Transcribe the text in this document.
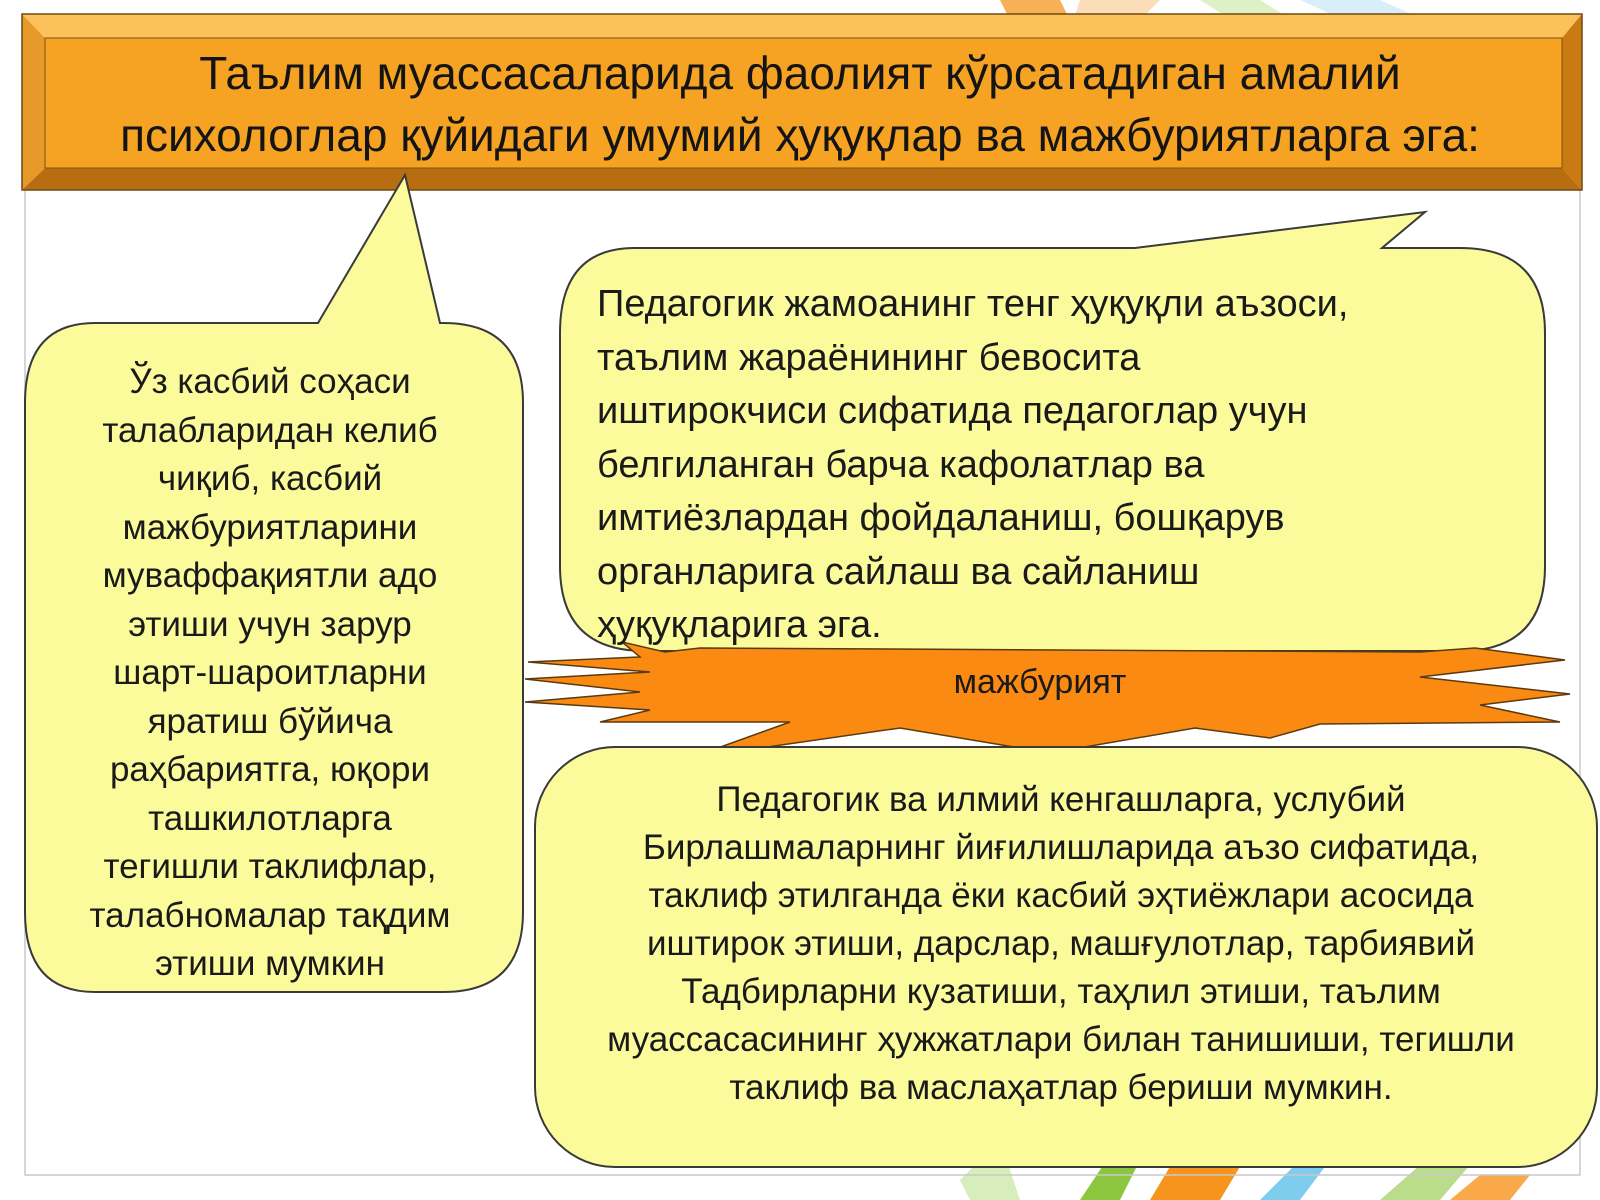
Таълим муассасаларида фаолият кўрсатадиган амалий
психологлар қуйидаги умумий ҳуқуқлар ва мажбуриятларга эга:
Ўз касбий соҳаси
талабларидан келиб
чиқиб, касбий
мажбуриятларини
муваффақиятли адо
этиши учун зарур
шарт-шароитларни
яратиш бўйича
раҳбариятга, юқори
ташкилотларга
тегишли таклифлар,
талабномалар тақдим
этиши мумкин
Педагогик жамоанинг тенг ҳуқуқли аъзоси,
таълим жараёнининг бевосита
иштирокчиси сифатида педагоглар учун
белгиланган барча кафолатлар ва
имтиёзлардан фойдаланиш, бошқарув
органларига сайлаш ва сайланиш
ҳуқуқларига эга.
мажбурият
Педагогик ва илмий кенгашларга, услубий
Бирлашмаларнинг йиғилишларида аъзо сифатида,
таклиф этилганда ёки касбий эҳтиёжлари асосида
иштирок этиши, дарслар, машғулотлар, тарбиявий
Тадбирларни кузатиши, таҳлил этиши, таълим
муассасасининг ҳужжатлари билан танишиши, тегишли
таклиф ва маслаҳатлар бериши мумкин.
